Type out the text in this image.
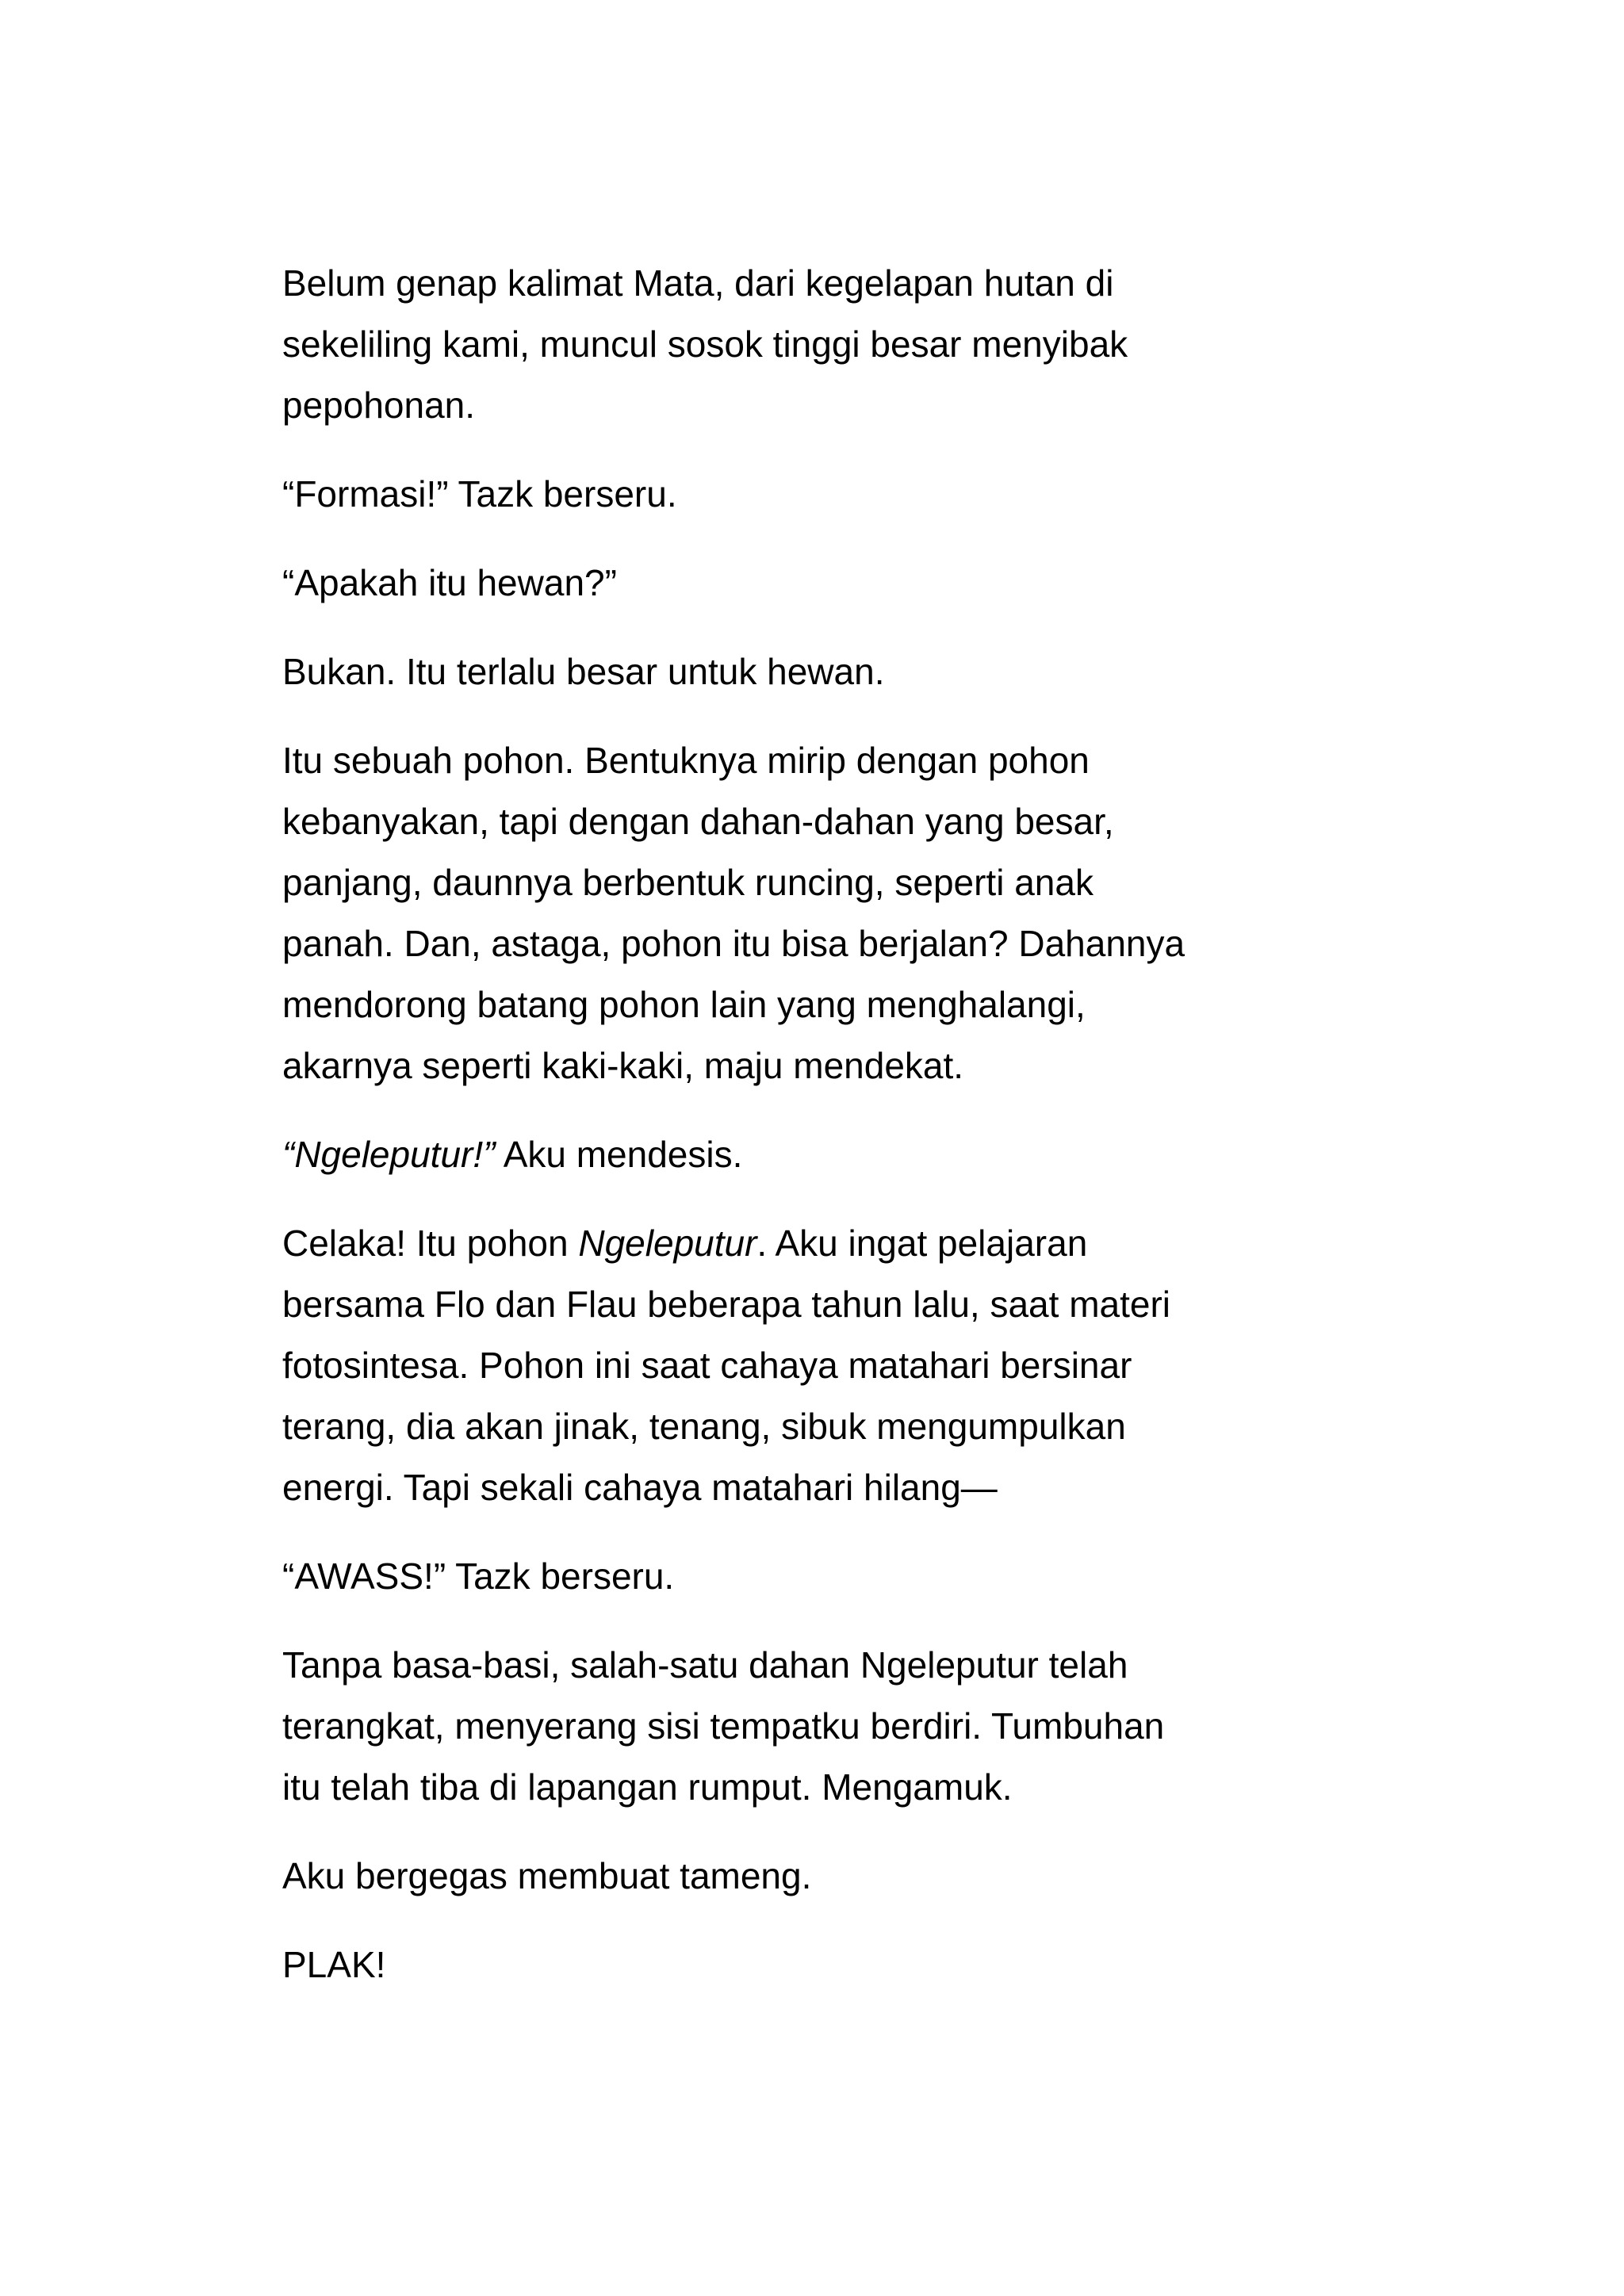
Belum genap kalimat Mata, dari kegelapan hutan di
sekeliling kami, muncul sosok tinggi besar menyibak
pepohonan.

“Formasi!” Tazk berseru.

“Apakah itu hewan?”

Bukan. Itu terlalu besar untuk hewan.

Itu sebuah pohon. Bentuknya mirip dengan pohon
kebanyakan, tapi dengan dahan-dahan yang besar,
panjang, daunnya berbentuk runcing, seperti anak
panah. Dan, astaga, pohon itu bisa berjalan? Dahannya
mendorong batang pohon lain yang menghalangi,
akarnya seperti kaki-kaki, maju mendekat.

“Ngeleputur!” Aku mendesis.

Celaka! Itu pohon Ngeleputur. Aku ingat pelajaran
bersama Flo dan Flau beberapa tahun lalu, saat materi
fotosintesa. Pohon ini saat cahaya matahari bersinar
terang, dia akan jinak, tenang, sibuk mengumpulkan
energi. Tapi sekali cahaya matahari hilang—

“AWASS!” Tazk berseru.

Tanpa basa-basi, salah-satu dahan Ngeleputur telah
terangkat, menyerang sisi tempatku berdiri. Tumbuhan
itu telah tiba di lapangan rumput. Mengamuk.

Aku bergegas membuat tameng.

PLAK!
